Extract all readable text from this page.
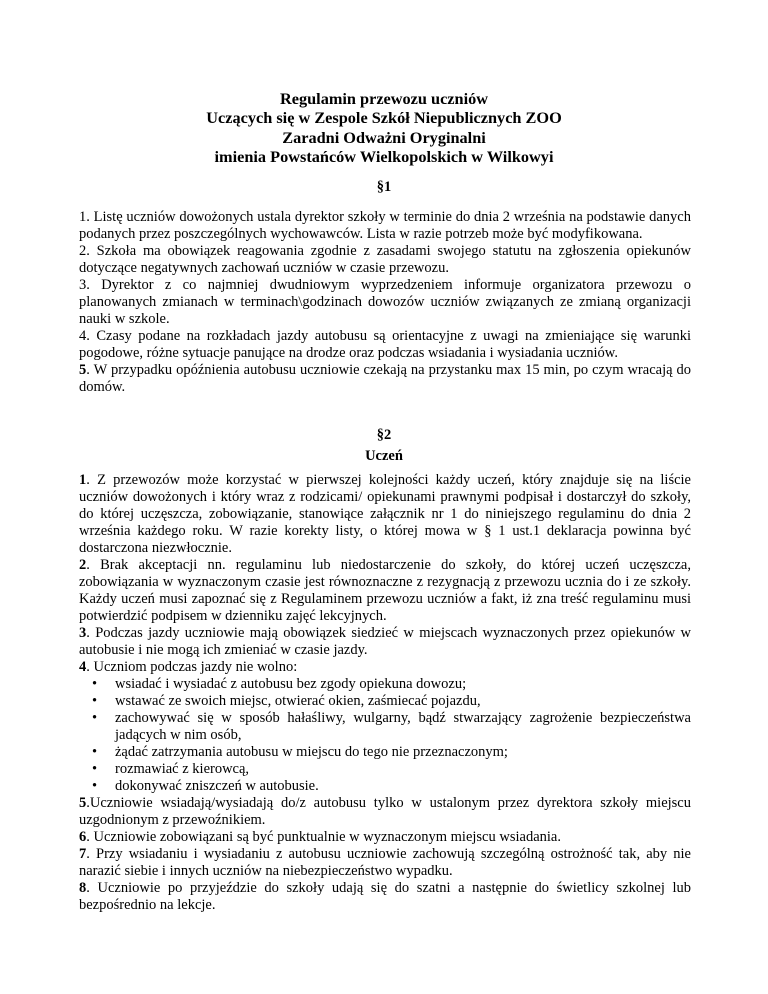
Regulamin przewozu uczniów
Uczących się w Zespole Szkół Niepublicznych ZOO
Zaradni Odważni Oryginalni
imienia Powstańców Wielkopolskich w Wilkowyi
§1

1. Listę uczniów dowożonych ustala dyrektor szkoły w terminie do dnia 2 września na podstawie danych podanych przez poszczególnych wychowawców. Lista w razie potrzeb może być modyfikowana.

2. Szkoła ma obowiązek reagowania zgodnie z zasadami swojego statutu na zgłoszenia opiekunów dotyczące negatywnych zachowań uczniów w czasie przewozu.

3. Dyrektor z co najmniej dwudniowym wyprzedzeniem informuje organizatora przewozu o planowanych zmianach w terminach\godzinach dowozów uczniów związanych ze zmianą organizacji nauki w szkole.

4. Czasy podane na rozkładach jazdy autobusu są orientacyjne z uwagi na zmieniające się warunki pogodowe, różne sytuacje panujące na drodze oraz podczas wsiadania i wysiadania uczniów.

5. W przypadku opóźnienia autobusu uczniowie czekają na przystanku max 15 min, po czym wracają do domów.

§2
Uczeń

1. Z przewozów może korzystać w pierwszej kolejności każdy uczeń, który znajduje się na liście uczniów dowożonych i który wraz z rodzicami/ opiekunami prawnymi podpisał i dostarczył do szkoły, do której uczęszcza, zobowiązanie, stanowiące załącznik nr 1 do niniejszego regulaminu do dnia 2 września każdego roku. W razie korekty listy, o której mowa w § 1 ust.1 deklaracja powinna być dostarczona niezwłocznie.

2. Brak akceptacji nn. regulaminu lub niedostarczenie do szkoły, do której uczeń uczęszcza, zobowiązania w wyznaczonym czasie jest równoznaczne z rezygnacją z przewozu ucznia do i ze szkoły. Każdy uczeń musi zapoznać się z Regulaminem przewozu uczniów a fakt, iż zna treść regulaminu musi potwierdzić podpisem w dzienniku zajęć lekcyjnych.

3. Podczas jazdy uczniowie mają obowiązek siedzieć w miejscach wyznaczonych przez opiekunów w autobusie i nie mogą ich zmieniać w czasie jazdy.

4. Uczniom podczas jazdy nie wolno:

• wsiadać i wysiadać z autobusu bez zgody opiekuna dowozu;
• wstawać ze swoich miejsc, otwierać okien, zaśmiecać pojazdu,
• zachowywać się w sposób hałaśliwy, wulgarny, bądź stwarzający zagrożenie bezpieczeństwa jadących w nim osób,
• żądać zatrzymania autobusu w miejscu do tego nie przeznaczonym;
• rozmawiać z kierowcą,
• dokonywać zniszczeń w autobusie.

5.Uczniowie wsiadają/wysiadają do/z autobusu tylko w ustalonym przez dyrektora szkoły miejscu uzgodnionym z przewoźnikiem.

6. Uczniowie zobowiązani są być punktualnie w wyznaczonym miejscu wsiadania.

7. Przy wsiadaniu i wysiadaniu z autobusu uczniowie zachowują szczególną ostrożność tak, aby nie narazić siebie i innych uczniów na niebezpieczeństwo wypadku.

8. Uczniowie po przyjeździe do szkoły udają się do szatni a następnie do świetlicy szkolnej lub bezpośrednio na lekcje.
